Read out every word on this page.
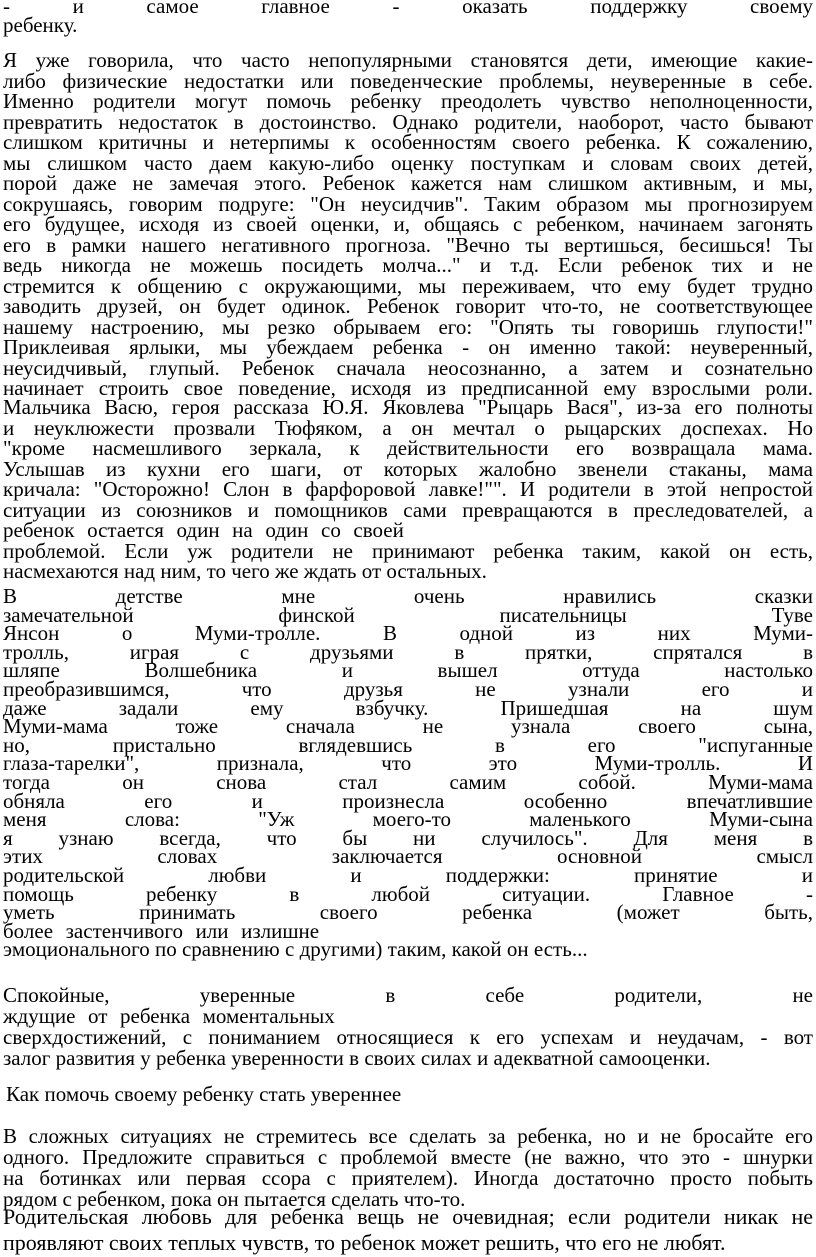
- и самое главное - оказать поддержку своему
ребенку.
Я уже говорила, что часто непопулярными становятся дети, имеющие какие-
либо физические недостатки или поведенческие проблемы, неуверенные в себе.
Именно родители могут помочь ребенку преодолеть чувство неполноценности,
превратить недостаток в достоинство. Однако родители, наоборот, часто бывают
слишком критичны и нетерпимы к особенностям своего ребенка. К сожалению,
мы слишком часто даем какую-либо оценку поступкам и словам своих детей,
порой даже не замечая этого. Ребенок кажется нам слишком активным, и мы,
сокрушаясь, говорим подруге: "Он неусидчив". Таким образом мы прогнозируем
его будущее, исходя из своей оценки, и, общаясь с ребенком, начинаем загонять
его в рамки нашего негативного прогноза. "Вечно ты вертишься, бесишься! Ты
ведь никогда не можешь посидеть молча..." и т.д. Если ребенок тих и не
стремится к общению с окружающими, мы переживаем, что ему будет трудно
заводить друзей, он будет одинок. Ребенок говорит что-то, не соответствующее
нашему настроению, мы резко обрываем его: "Опять ты говоришь глупости!"
Приклеивая ярлыки, мы убеждаем ребенка - он именно такой: неуверенный,
неусидчивый, глупый. Ребенок сначала неосознанно, а затем и сознательно
начинает строить свое поведение, исходя из предписанной ему взрослыми роли.
Мальчика Васю, героя рассказа Ю.Я. Яковлева "Рыцарь Вася", из-за его полноты
и неуклюжести прозвали Тюфяком, а он мечтал о рыцарских доспехах. Но
"кроме насмешливого зеркала, к действительности его возвращала мама.
Услышав из кухни его шаги, от которых жалобно звенели стаканы, мама
кричала: "Осторожно! Слон в фарфоровой лавке!"". И родители в этой непростой
ситуации из союзников и помощников сами превращаются в преследователей, а
ребенок остается один на один со своей
проблемой. Если уж родители не принимают ребенка таким, какой он есть,
насмехаются над ним, то чего же ждать от остальных.
В детстве мне очень нравились сказки
замечательной финской писательницы Туве
Янсон о Муми-тролле. В одной из них Муми-
тролль, играя с друзьями в прятки, спрятался в
шляпе Волшебника и вышел оттуда настолько
преобразившимся, что друзья не узнали его и
даже задали ему взбучку. Пришедшая на шум
Муми-мама тоже сначала не узнала своего сына,
но, пристально вглядевшись в его "испуганные
глаза-тарелки", признала, что это Муми-тролль. И
тогда он снова стал самим собой. Муми-мама
обняла его и произнесла особенно впечатлившие
меня слова: "Уж моего-то маленького Муми-сына
я узнаю всегда, что бы ни случилось". Для меня в
этих словах заключается основной смысл
родительской любви и поддержки: принятие и
помощь ребенку в любой ситуации. Главное -
уметь принимать своего ребенка (может быть,
более застенчивого или излишне
эмоционального по сравнению с другими) таким, какой он есть...
Спокойные, уверенные в себе родители, не
ждущие от ребенка моментальных
сверхдостижений, с пониманием относящиеся к его успехам и неудачам, - вот
залог развития у ребенка уверенности в своих силах и адекватной самооценки.
Как помочь своему ребенку стать увереннее
В сложных ситуациях не стремитесь все сделать за ребенка, но и не бросайте его
одного. Предложите справиться с проблемой вместе (не важно, что это - шнурки
на ботинках или первая ссора с приятелем). Иногда достаточно просто побыть
рядом с ребенком, пока он пытается сделать что-то.
Родительская любовь для ребенка вещь не очевидная; если родители никак не
проявляют своих теплых чувств, то ребенок может решить, что его не любят.
